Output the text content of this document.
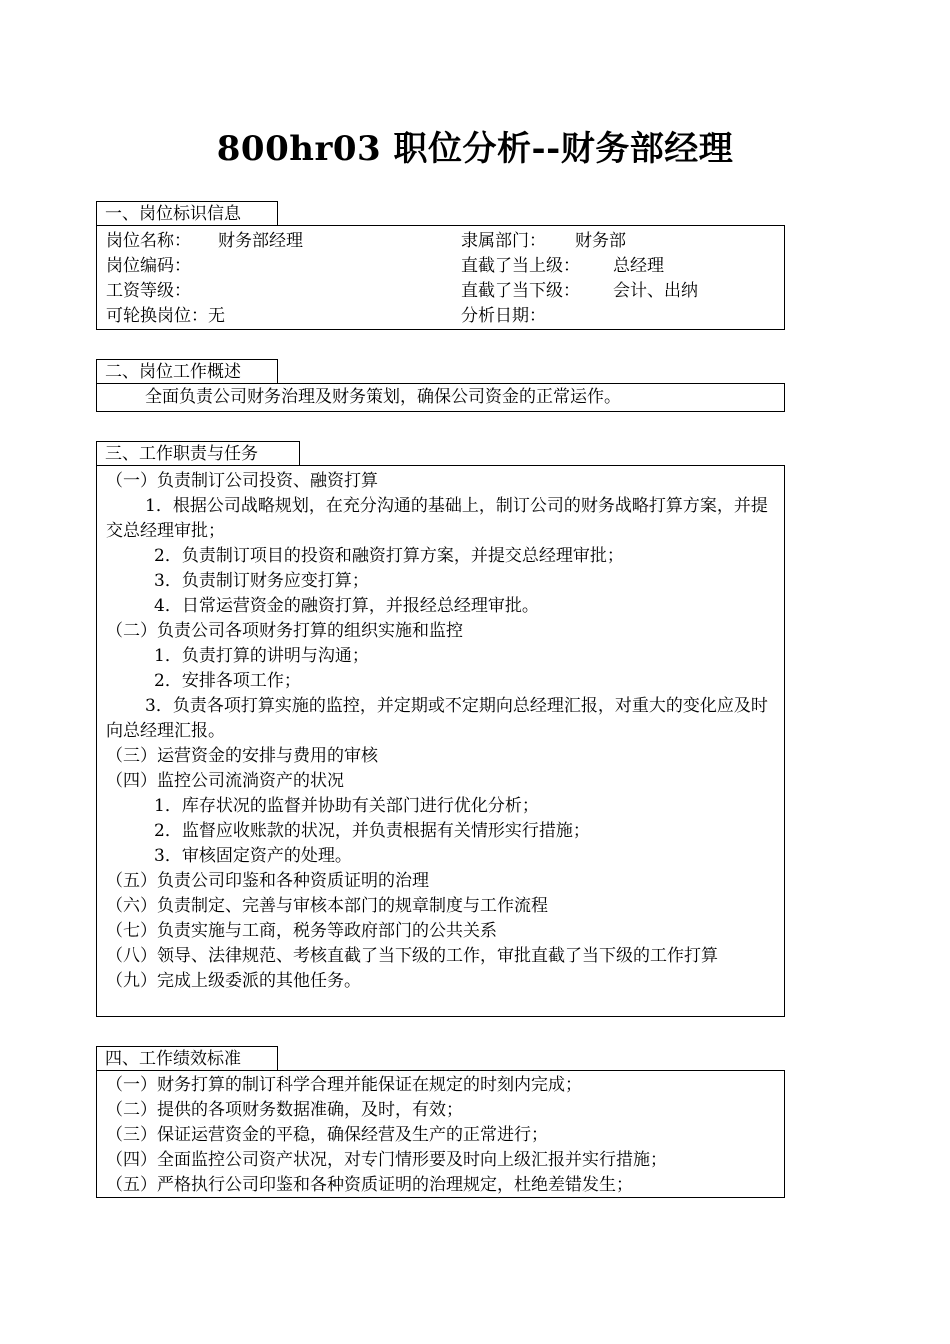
800hr03 职位分析--财务部经理
一、岗位标识信息
岗位名称： 财务部经理	隶属部门： 财务部
岗位编码：	直截了当上级： 总经理
工资等级：	直截了当下级： 会计、出纳
可轮换岗位：无	分析日期：
二、岗位工作概述
全面负责公司财务治理及财务策划，确保公司资金的正常运作。
三、工作职责与任务
（一）负责制订公司投资、融资打算
1．根据公司战略规划，在充分沟通的基础上，制订公司的财务战略打算方案，并提交总经理审批；
2．负责制订项目的投资和融资打算方案，并提交总经理审批；
3．负责制订财务应变打算；
4．日常运营资金的融资打算，并报经总经理审批。
（二）负责公司各项财务打算的组织实施和监控
1．负责打算的讲明与沟通；
2．安排各项工作；
3．负责各项打算实施的监控，并定期或不定期向总经理汇报，对重大的变化应及时向总经理汇报。
（三）运营资金的安排与费用的审核
（四）监控公司流淌资产的状况
1．库存状况的监督并协助有关部门进行优化分析；
2．监督应收账款的状况，并负责根据有关情形实行措施；
3．审核固定资产的处理。
（五）负责公司印鉴和各种资质证明的治理
（六）负责制定、完善与审核本部门的规章制度与工作流程
（七）负责实施与工商，税务等政府部门的公共关系
（八）领导、法律规范、考核直截了当下级的工作，审批直截了当下级的工作打算
（九）完成上级委派的其他任务。
四、工作绩效标准
（一）财务打算的制订科学合理并能保证在规定的时刻内完成；
（二）提供的各项财务数据准确，及时，有效；
（三）保证运营资金的平稳，确保经营及生产的正常进行；
（四）全面监控公司资产状况，对专门情形要及时向上级汇报并实行措施；
（五）严格执行公司印鉴和各种资质证明的治理规定，杜绝差错发生；
